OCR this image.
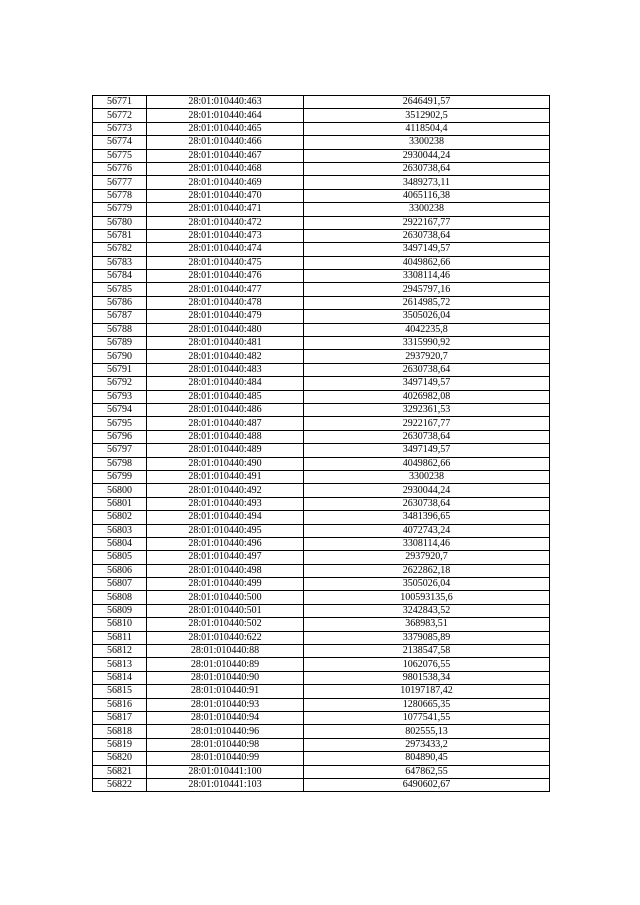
56771	28:01:010440:463	2646491,57
56772	28:01:010440:464	3512902,5
56773	28:01:010440:465	4118504,4
56774	28:01:010440:466	3300238
56775	28:01:010440:467	2930044,24
56776	28:01:010440:468	2630738,64
56777	28:01:010440:469	3489273,11
56778	28:01:010440:470	4065116,38
56779	28:01:010440:471	3300238
56780	28:01:010440:472	2922167,77
56781	28:01:010440:473	2630738,64
56782	28:01:010440:474	3497149,57
56783	28:01:010440:475	4049862,66
56784	28:01:010440:476	3308114,46
56785	28:01:010440:477	2945797,16
56786	28:01:010440:478	2614985,72
56787	28:01:010440:479	3505026,04
56788	28:01:010440:480	4042235,8
56789	28:01:010440:481	3315990,92
56790	28:01:010440:482	2937920,7
56791	28:01:010440:483	2630738,64
56792	28:01:010440:484	3497149,57
56793	28:01:010440:485	4026982,08
56794	28:01:010440:486	3292361,53
56795	28:01:010440:487	2922167,77
56796	28:01:010440:488	2630738,64
56797	28:01:010440:489	3497149,57
56798	28:01:010440:490	4049862,66
56799	28:01:010440:491	3300238
56800	28:01:010440:492	2930044,24
56801	28:01:010440:493	2630738,64
56802	28:01:010440:494	3481396,65
56803	28:01:010440:495	4072743,24
56804	28:01:010440:496	3308114,46
56805	28:01:010440:497	2937920,7
56806	28:01:010440:498	2622862,18
56807	28:01:010440:499	3505026,04
56808	28:01:010440:500	100593135,6
56809	28:01:010440:501	3242843,52
56810	28:01:010440:502	368983,51
56811	28:01:010440:622	3379085,89
56812	28:01:010440:88	2138547,58
56813	28:01:010440:89	1062076,55
56814	28:01:010440:90	9801538,34
56815	28:01:010440:91	10197187,42
56816	28:01:010440:93	1280665,35
56817	28:01:010440:94	1077541,55
56818	28:01:010440:96	802555,13
56819	28:01:010440:98	2973433,2
56820	28:01:010440:99	804890,45
56821	28:01:010441:100	647862,55
56822	28:01:010441:103	6490602,67
